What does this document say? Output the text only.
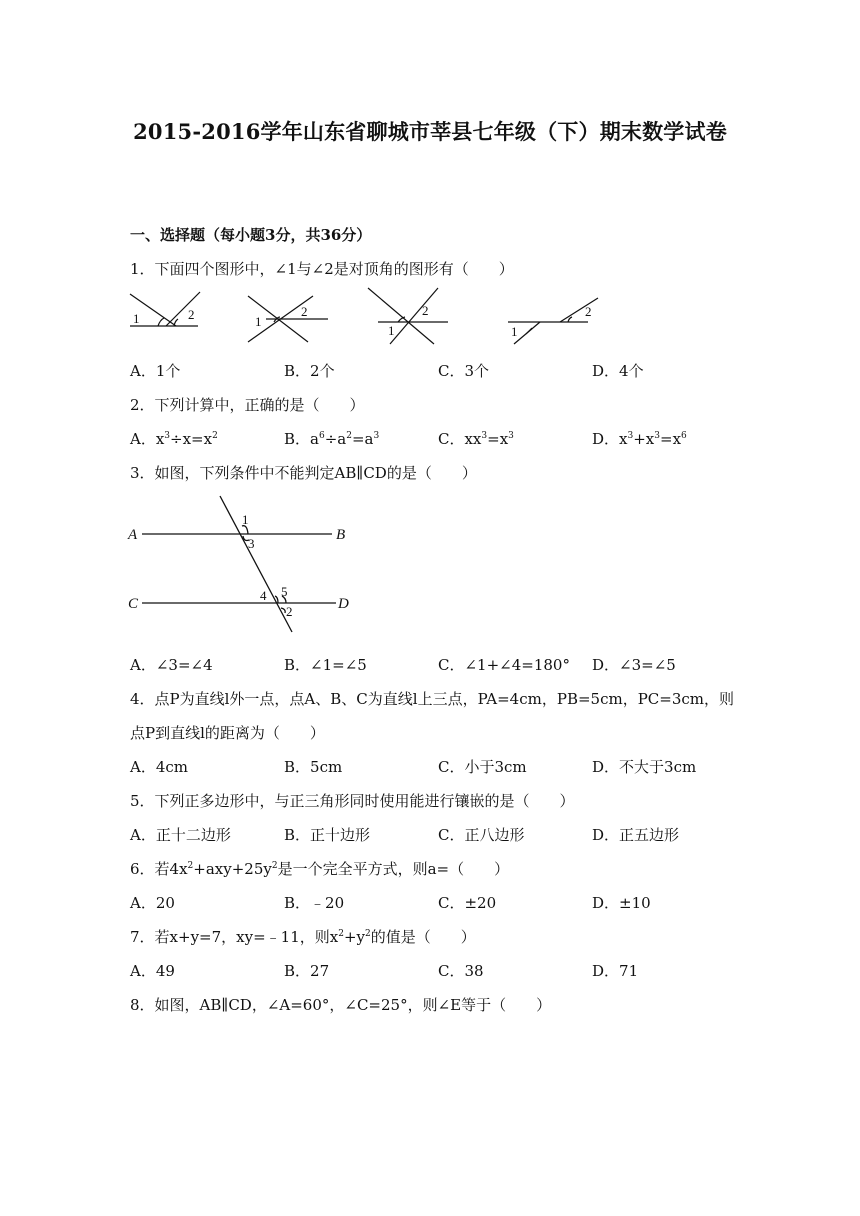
2015-2016学年山东省聊城市莘县七年级（下）期末数学试卷
一、选择题（每小题3分，共36分）
1．下面四个图形中，∠1与∠2是对顶角的图形有（　　）
1	2	1
2
1
2
1
2
A．1个	B．2个	C．3个	D．4个
2．下列计算中，正确的是（　　）
A．$x^3\div x=x^2$	B．$a^6\div a^2=a^3$	C．$xx^3=x^3$	D．$x^3+x^3=x^6$
3．如图，下列条件中不能判定AB∥CD的是（　　）
A	B
C	D
1
3
4 5
2
A．∠3=∠4	B．∠1=∠5	C．∠1+∠4=180° D．∠3=∠5
4．点P为直线l外一点，点A、B、C为直线l上三点，PA=4cm，PB=5cm，PC=3cm，则
点P到直线l的距离为（　　）
A．4cm	B．5cm	C．小于3cm	D．不大于3cm
5．下列正多边形中，与正三角形同时使用能进行镶嵌的是（　　）
A．正十二边形	B．正十边形	C．正八边形	D．正五边形
6．若$4x^2+axy+25y^2$是一个完全平方式，则a=（　　）
A．20	B．﹣20	C．±20	D．±10
7．若x+y=7，xy=﹣11，则$x^2+y^2$的值是（　　）
A．49	B．27	C．38	D．71
8．如图，AB∥CD，∠A=60°，∠C=25°，则∠E等于（　　）
